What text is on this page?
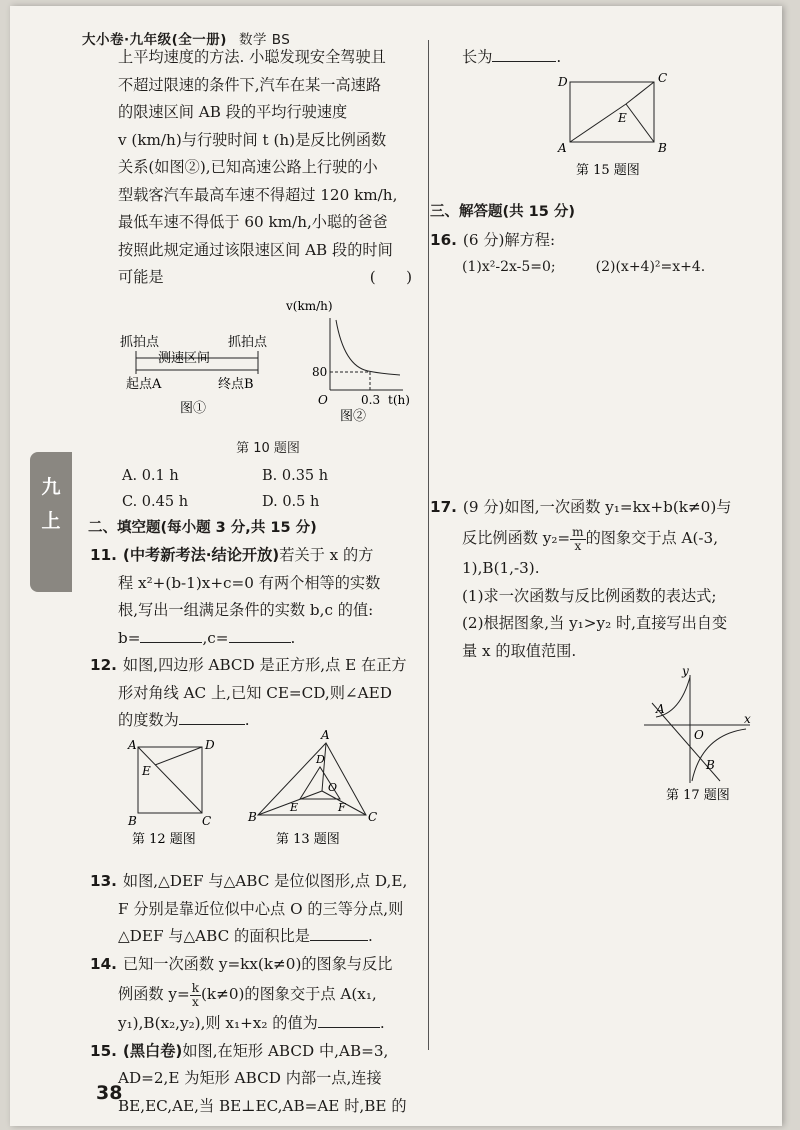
大小卷·九年级(全一册) 数学 BS
九
上

上平均速度的方法. 小聪发现安全驾驶且

不超过限速的条件下,汽车在某一高速路

的限速区间 AB 段的平均行驶速度

v (km/h)与行驶时间 t (h)是反比例函数

关系(如图②),已知高速公路上行驶的小

型载客汽车最高车速不得超过 120 km/h,

最低车速不得低于 60 km/h,小聪的爸爸

按照此规定通过该限速区间 AB 段的时间

可能是	(　　)

抓拍点	抓拍点
测速区间
起点A	终点B
图①
v(km/h)
80
O	0.3 t(h)
图②

第 10 题图

A. 0.1 h	B. 0.35 h
C. 0.45 h	D. 0.5 h

二、填空题(每小题 3 分,共 15 分)

11. (中考新考法·结论开放)若关于 x 的方

程 x²+(b-1)x+c=0 有两个相等的实数

根,写出一组满足条件的实数 b,c 的值:

b=	,c=	.

12. 如图,四边形 ABCD 是正方形,点 E 在正方

形对角线 AC 上,已知 CE=CD,则∠AED

的度数为	.

A	D
B	C
E
第 12 题图
A
B	C
D
E	F
O
第 13 题图

13. 如图,△DEF 与△ABC 是位似图形,点 D,E,

F 分别是靠近位似中心点 O 的三等分点,则

△DEF 与△ABC 的面积比是	.

14. 已知一次函数 y=kx(k≠0)的图象与反比

例函数 $y= \frac{k}{x} (k\ne 0)$的图象交于点 A(x₁,

y₁),B(x₂,y₂),则 x₁+x₂ 的值为	.

15. (黑白卷)如图,在矩形 ABCD 中,AB=3,

AD=2,E 为矩形 ABCD 内部一点,连接

BE,EC,AE,当 BE⊥EC,AB=AE 时,BE 的

长为	.

D	C
A	B
E
第 15 题图

三、解答题(共 15 分)

16. (6 分)解方程:

(1)x²-2x-5=0;	(2)(x+4)²=x+4.

17. (9 分)如图,一次函数 y₁=kx+b(k≠0)与

反比例函数 $y_2= \frac{m}{x}$ 的图象交于点 A(-3,

1),B(1,-3).

(1)求一次函数与反比例函数的表达式;

(2)根据图象,当 y₁>y₂ 时,直接写出自变

量 x 的取值范围.

y
x
O
A
B
第 17 题图
38
